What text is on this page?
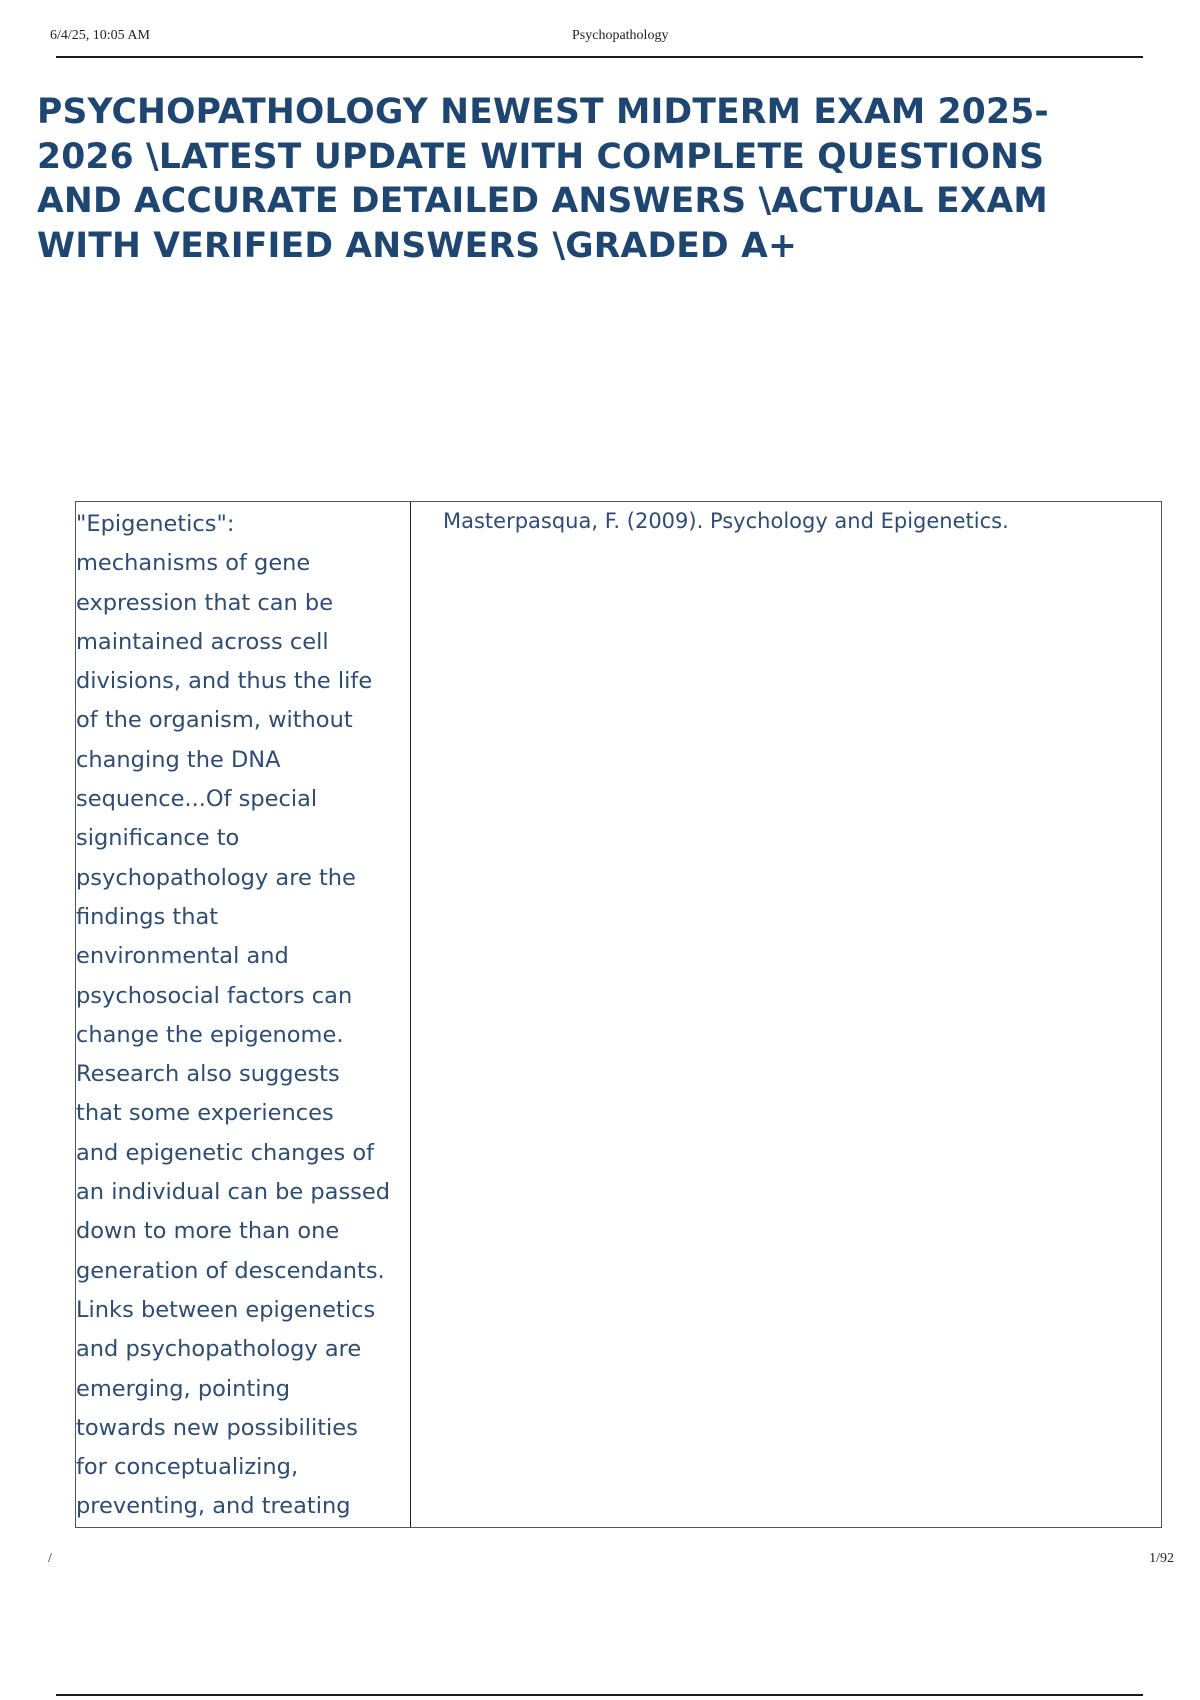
6/4/25, 10:05 AM	Psychopathology
PSYCHOPATHOLOGY NEWEST MIDTERM EXAM 2025-
2026 \LATEST UPDATE WITH COMPLETE QUESTIONS
AND ACCURATE DETAILED ANSWERS \ACTUAL EXAM
WITH VERIFIED ANSWERS \GRADED A+
"Epigenetics":
mechanisms of gene
expression that can be
maintained across cell
divisions, and thus the life
of the organism, without
changing the DNA
sequence...Of special
significance to
psychopathology are the
findings that
environmental and
psychosocial factors can
change the epigenome.
Research also suggests
that some experiences
and epigenetic changes of
an individual can be passed
down to more than one
generation of descendants.
Links between epigenetics
and psychopathology are
emerging, pointing
towards new possibilities
for conceptualizing,
preventing, and treating
Masterpasqua, F. (2009). Psychology and Epigenetics.
/	1/92
